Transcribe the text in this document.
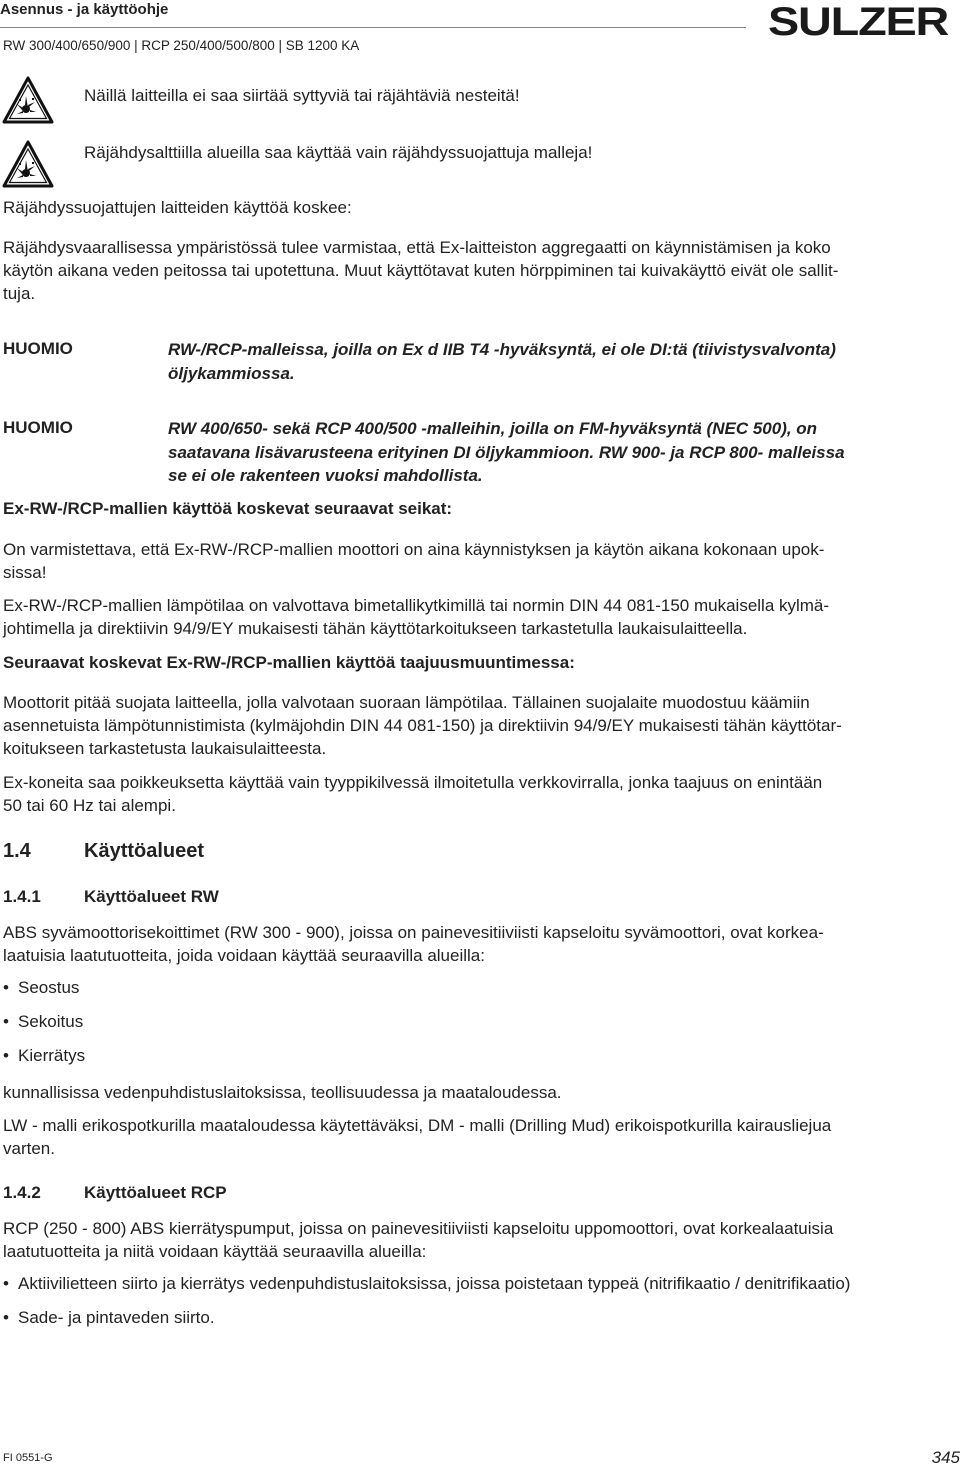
Asennus - ja käyttöohje
RW 300/400/650/900 | RCP 250/400/500/800 | SB 1200 KA
SULZER
Näillä laitteilla ei saa siirtää syttyviä tai räjähtäviä nesteitä!
Räjähdysalttiilla alueilla saa käyttää vain räjähdyssuojattuja malleja!
Räjähdyssuojattujen laitteiden käyttöä koskee:
Räjähdysvaarallisessa ympäristössä tulee varmistaa, että Ex-laitteiston aggregaatti on käynnistämisen ja koko
käytön aikana veden peitossa tai upotettuna. Muut käyttötavat kuten hörppiminen tai kuivakäyttö eivät ole sallit-
tuja.
HUOMIO	RW-/RCP-malleissa, joilla on Ex d IIB T4 -hyväksyntä, ei ole DI:tä (tiivistysvalvonta)
öljykammiossa.
HUOMIO	RW 400/650- sekä RCP 400/500 -malleihin, joilla on FM-hyväksyntä (NEC 500), on
saatavana lisävarusteena erityinen DI öljykammioon. RW 900- ja RCP 800- malleissa
se ei ole rakenteen vuoksi mahdollista.
Ex-RW-/RCP-mallien käyttöä koskevat seuraavat seikat:
On varmistettava, että Ex-RW-/RCP-mallien moottori on aina käynnistyksen ja käytön aikana kokonaan upok-
sissa!
Ex-RW-/RCP-mallien lämpötilaa on valvottava bimetallikytkimillä tai normin DIN 44 081-150 mukaisella kylmä-
johtimella ja direktiivin 94/9/EY mukaisesti tähän käyttötarkoitukseen tarkastetulla laukaisulaitteella.
Seuraavat koskevat Ex-RW-/RCP-mallien käyttöä taajuusmuuntimessa:
Moottorit pitää suojata laitteella, jolla valvotaan suoraan lämpötilaa. Tällainen suojalaite muodostuu käämiin
asennetuista lämpötunnistimista (kylmäjohdin DIN 44 081-150) ja direktiivin 94/9/EY mukaisesti tähän käyttötar-
koitukseen tarkastetusta laukaisulaitteesta.
Ex-koneita saa poikkeuksetta käyttää vain tyyppikilvessä ilmoitetulla verkkovirralla, jonka taajuus on enintään
50 tai 60 Hz tai alempi.
1.4	Käyttöalueet
1.4.1	Käyttöalueet RW
ABS syvämoottorisekoittimet (RW 300 - 900), joissa on painevesitiiviisti kapseloitu syvämoottori, ovat korkea-
laatuisia laatutuotteita, joida voidaan käyttää seuraavilla alueilla:
• Seostus
• Sekoitus
• Kierrätys
kunnallisissa vedenpuhdistuslaitoksissa, teollisuudessa ja maataloudessa.
LW - malli erikospotkurilla maataloudessa käytettäväksi, DM - malli (Drilling Mud) erikoispotkurilla kairausliejua
varten.
1.4.2	Käyttöalueet RCP
RCP (250 - 800) ABS kierrätyspumput, joissa on painevesitiiviisti kapseloitu uppomoottori, ovat korkealaatuisia
laatutuotteita ja niitä voidaan käyttää seuraavilla alueilla:
• Aktiivilietteen siirto ja kierrätys vedenpuhdistuslaitoksissa, joissa poistetaan typpeä (nitrifikaatio / denitrifikaatio)
• Sade- ja pintaveden siirto.
FI 0551-G	345
